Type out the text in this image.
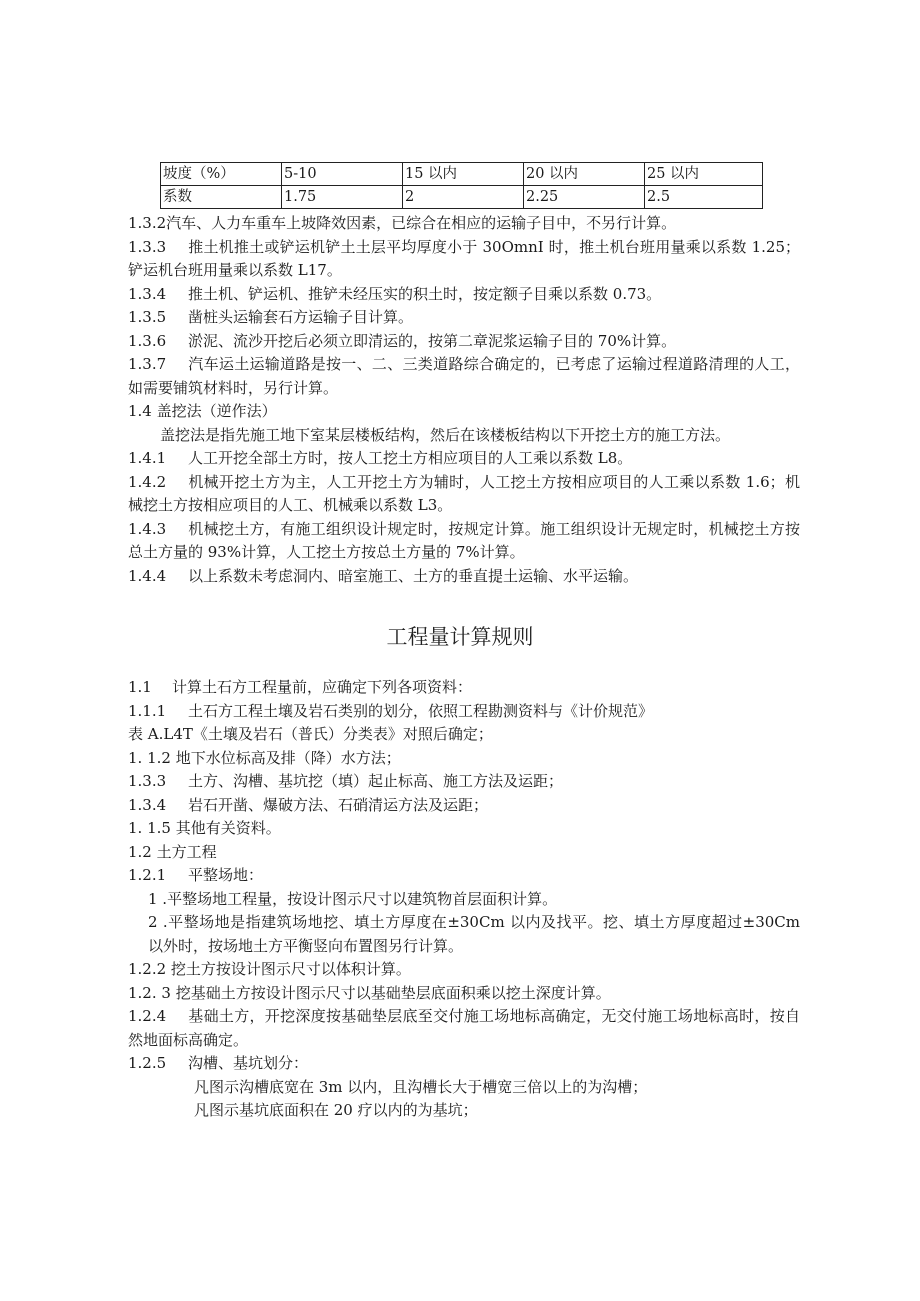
坡度（%）	5-10	15 以内	20 以内	25 以内
系数	1.75	2	2.25	2.5

1.3.2汽车、人力车重车上坡降效因素，已综合在相应的运输子目中，不另行计算。

1.3.3 推土机推土或铲运机铲土土层平均厚度小于 30OmnI 时，推土机台班用量乘以系数 1.25；铲运机台班用量乘以系数 L17。

1.3.4 推土机、铲运机、推铲未经压实的积土时，按定额子目乘以系数 0.73。

1.3.5 凿桩头运输套石方运输子目计算。

1.3.6 淤泥、流沙开挖后必须立即清运的，按第二章泥浆运输子目的 70%计算。

1.3.7 汽车运土运输道路是按一、二、三类道路综合确定的，已考虑了运输过程道路清理的人工，如需要铺筑材料时，另行计算。

1.4 盖挖法（逆作法）

盖挖法是指先施工地下室某层楼板结构，然后在该楼板结构以下开挖土方的施工方法。

1.4.1 人工开挖全部土方时，按人工挖土方相应项目的人工乘以系数 L8。

1.4.2 机械开挖土方为主，人工开挖土方为辅时，人工挖土方按相应项目的人工乘以系数 1.6；机械挖土方按相应项目的人工、机械乘以系数 L3。

1.4.3 机械挖土方，有施工组织设计规定时，按规定计算。施工组织设计无规定时，机械挖土方按总土方量的 93%计算，人工挖土方按总土方量的 7%计算。

1.4.4 以上系数未考虑洞内、暗室施工、土方的垂直提土运输、水平运输。

工程量计算规则

1.1 计算土石方工程量前，应确定下列各项资料：

1.1.1 土石方工程土壤及岩石类别的划分，依照工程勘测资料与《计价规范》

表 A.L4T《土壤及岩石（普氏）分类表》对照后确定；

1. 1.2 地下水位标高及排（降）水方法；

1.3.3 土方、沟槽、基坑挖（填）起止标高、施工方法及运距；

1.3.4 岩石开凿、爆破方法、石硝清运方法及运距；

1. 1.5 其他有关资料。

1.2 土方工程

1.2.1 平整场地：

1 .平整场地工程量，按设计图示尺寸以建筑物首层面积计算。

2 .平整场地是指建筑场地挖、填土方厚度在±30Cm 以内及找平。挖、填土方厚度超过±30Cm 以外时，按场地土方平衡竖向布置图另行计算。

1.2.2 挖土方按设计图示尺寸以体积计算。

1.2. 3 挖基础土方按设计图示尺寸以基础垫层底面积乘以挖土深度计算。

1.2.4 基础土方，开挖深度按基础垫层底至交付施工场地标高确定，无交付施工场地标高时，按自然地面标高确定。

1.2.5 沟槽、基坑划分：

凡图示沟槽底宽在 3m 以内，且沟槽长大于槽宽三倍以上的为沟槽；

凡图示基坑底面积在 20 疗以内的为基坑；
